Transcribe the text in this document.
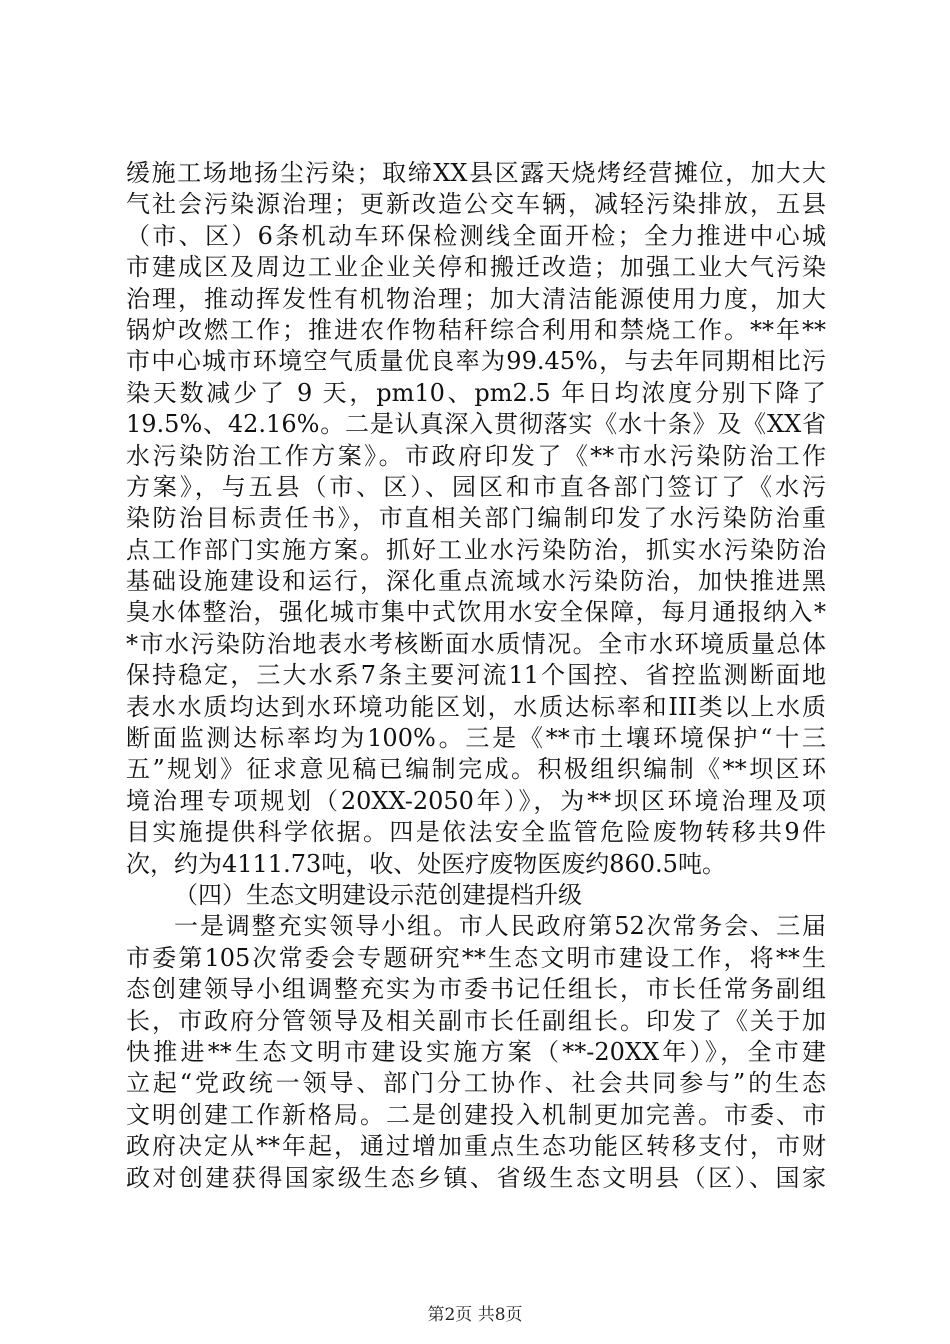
缓施工场地扬尘污染；取缔XX县区露天烧烤经营摊位，加大大
气社会污染源治理；更新改造公交车辆，减轻污染排放，五县
（市、区）6条机动车环保检测线全面开检；全力推进中心城
市建成区及周边工业企业关停和搬迁改造；加强工业大气污染
治理，推动挥发性有机物治理；加大清洁能源使用力度，加大
锅炉改燃工作；推进农作物秸秆综合利用和禁烧工作。**年**
市中心城市环境空气质量优良率为99.45%，与去年同期相比污
染天数减少了 9 天，pm10、pm2.5 年日均浓度分别下降了
19.5%、42.16%。二是认真深入贯彻落实《水十条》及《XX省
水污染防治工作方案》。市政府印发了《**市水污染防治工作
方案》，与五县（市、区）、园区和市直各部门签订了《水污
染防治目标责任书》，市直相关部门编制印发了水污染防治重
点工作部门实施方案。抓好工业水污染防治，抓实水污染防治
基础设施建设和运行，深化重点流域水污染防治，加快推进黑
臭水体整治，强化城市集中式饮用水安全保障，每月通报纳入*
*市水污染防治地表水考核断面水质情况。全市水环境质量总体
保持稳定，三大水系7条主要河流11个国控、省控监测断面地
表水水质均达到水环境功能区划，水质达标率和III类以上水质
断面监测达标率均为100%。三是《**市土壤环境保护“十三
五”规划》征求意见稿已编制完成。积极组织编制《**坝区环
境治理专项规划（20XX-2050年）》，为**坝区环境治理及项
目实施提供科学依据。四是依法安全监管危险废物转移共9件
次，约为4111.73吨，收、处医疗废物医废约860.5吨。
（四）生态文明建设示范创建提档升级
一是调整充实领导小组。市人民政府第52次常务会、三届
市委第105次常委会专题研究**生态文明市建设工作，将**生
态创建领导小组调整充实为市委书记任组长，市长任常务副组
长，市政府分管领导及相关副市长任副组长。印发了《关于加
快推进**生态文明市建设实施方案（**-20XX年）》，全市建
立起“党政统一领导、部门分工协作、社会共同参与”的生态
文明创建工作新格局。二是创建投入机制更加完善。市委、市
政府决定从**年起，通过增加重点生态功能区转移支付，市财
政对创建获得国家级生态乡镇、省级生态文明县（区）、国家
第2页 共8页
